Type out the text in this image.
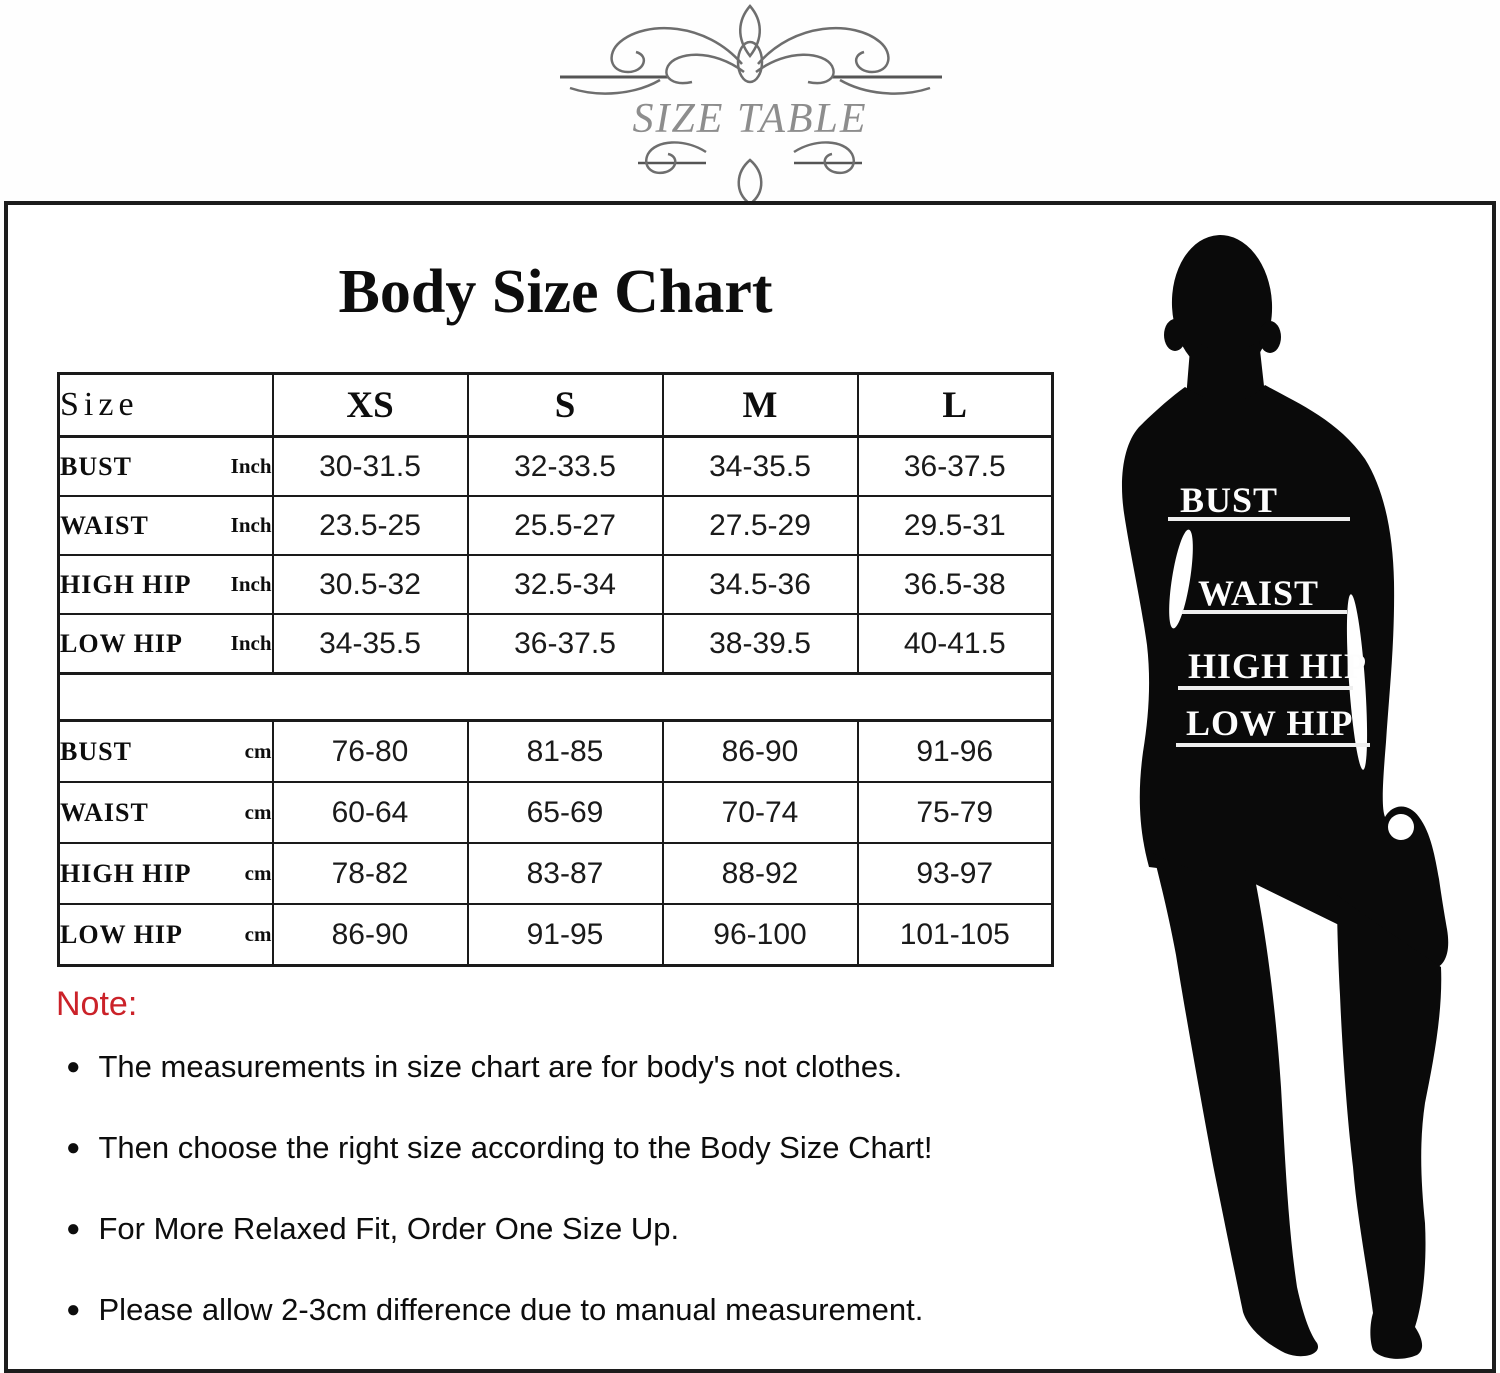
SIZE TABLE
Body Size Chart
Size	XS	S	M	L

BUST Inch	30-31.5	32-33.5	34-35.5	36-37.5

WAIST Inch	23.5-25	25.5-27	27.5-29	29.5-31

HIGH HIP Inch	30.5-32	32.5-34	34.5-36	36.5-38

LOW HIP Inch	34-35.5	36-37.5	38-39.5	40-41.5

BUST cm	76-80	81-85	86-90	91-96

WAIST cm	60-64	65-69	70-74	75-79

HIGH HIP cm	78-82	83-87	88-92	93-97

LOW HIP cm	86-90	91-95	96-100	101-105
Note:
● The measurements in size chart are for body's not clothes.
● Then choose the right size according to the Body Size Chart!
● For More Relaxed Fit, Order One Size Up.
● Please allow 2-3cm difference due to manual measurement.
BUST
WAIST
HIGH HIP
LOW HIP
